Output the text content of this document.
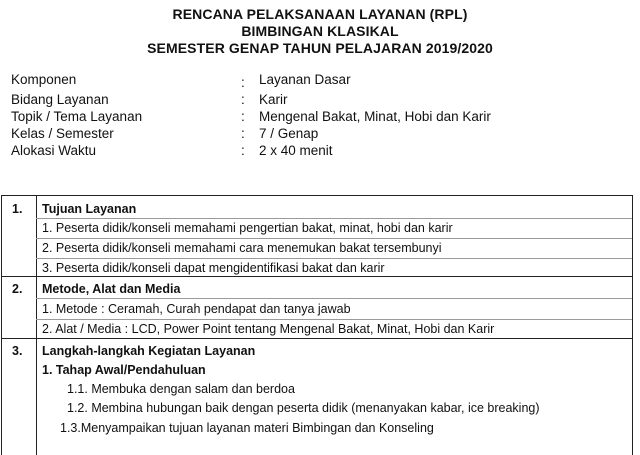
RENCANA PELAKSANAAN LAYANAN (RPL)
BIMBINGAN KLASIKAL
SEMESTER GENAP TAHUN PELAJARAN 2019/2020
Komponen	: Layanan Dasar
Bidang Layanan	: Karir
Topik / Tema Layanan	: Mengenal Bakat, Minat, Hobi dan Karir
Kelas / Semester	: 7 / Genap
Alokasi Waktu	: 2 x 40 menit
1. Tujuan Layanan
1. Peserta didik/konseli memahami pengertian bakat, minat, hobi dan karir
2. Peserta didik/konseli memahami cara menemukan bakat tersembunyi
3. Peserta didik/konseli dapat mengidentifikasi bakat dan karir
2. Metode, Alat dan Media
1. Metode : Ceramah, Curah pendapat dan tanya jawab
2. Alat / Media : LCD, Power Point tentang Mengenal Bakat, Minat, Hobi dan Karir
3. Langkah-langkah Kegiatan Layanan
1. Tahap Awal/Pendahuluan
1.1. Membuka dengan salam dan berdoa
1.2. Membina hubungan baik dengan peserta didik (menanyakan kabar, ice breaking)
1.3.Menyampaikan tujuan layanan materi Bimbingan dan Konseling
